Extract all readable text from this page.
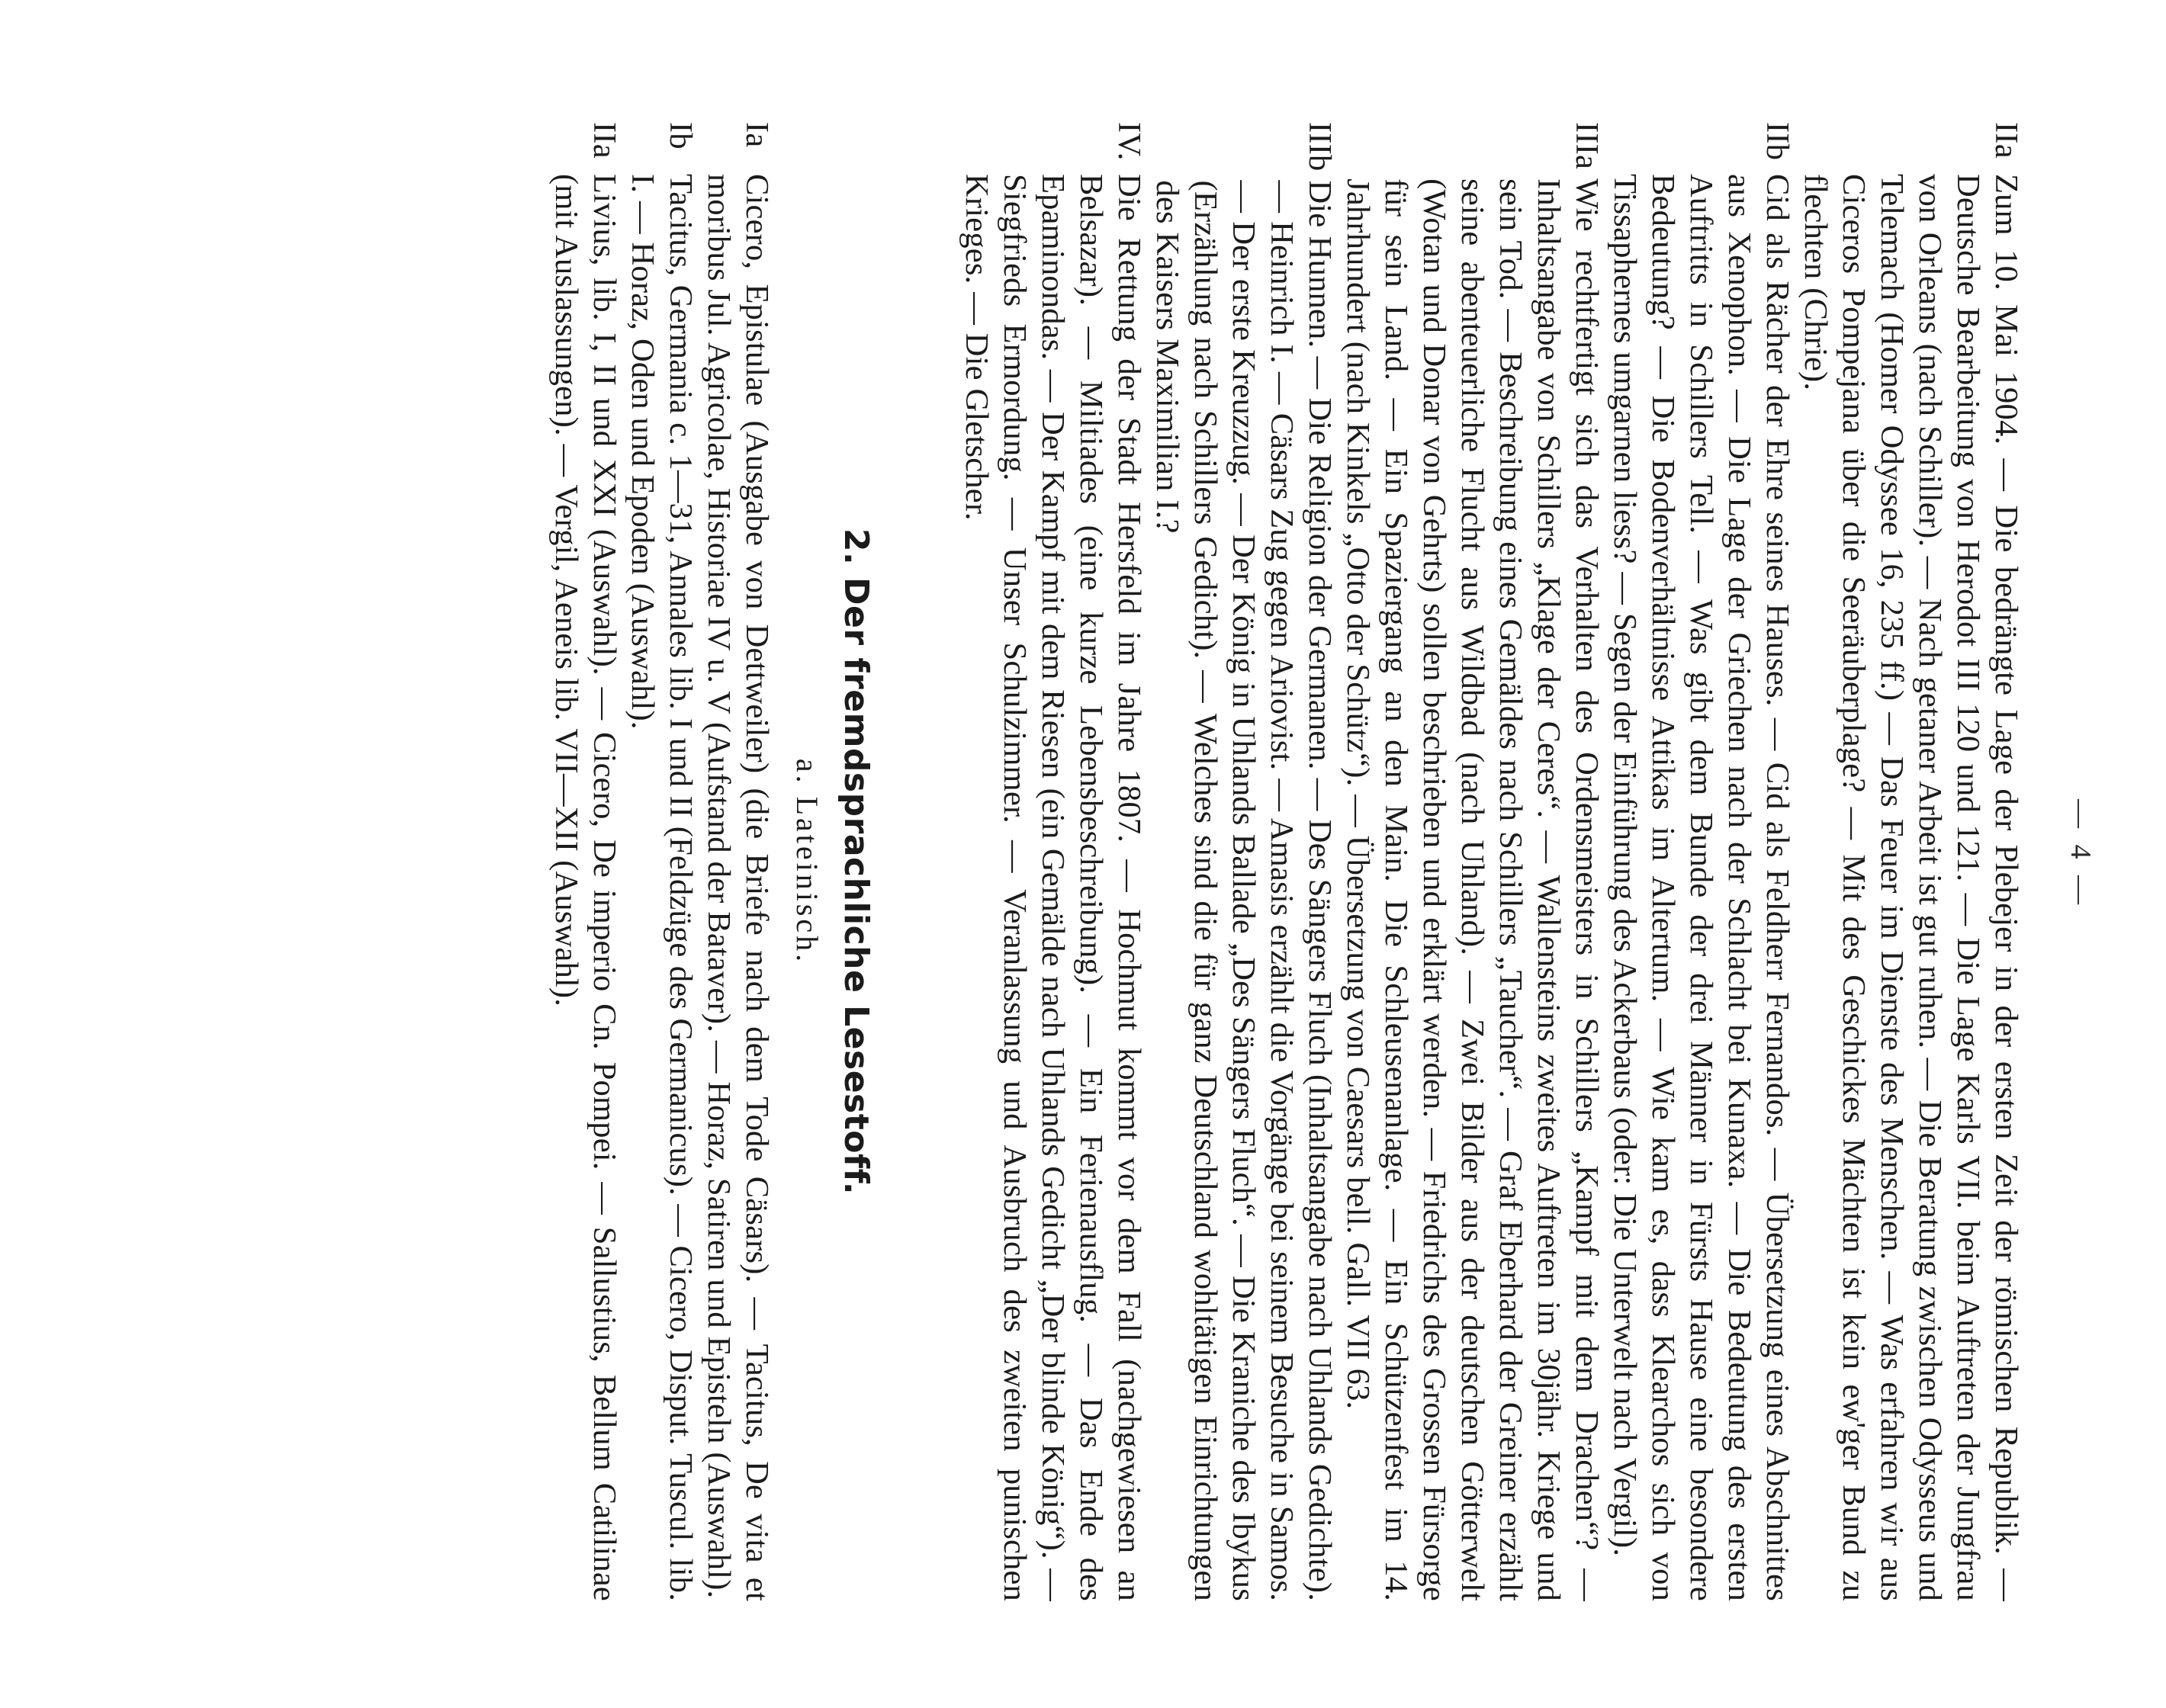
— 4 —
IIa
Zum 10. Mai 1904. — Die bedrängte Lage der Plebejer in der ersten Zeit der römischen Republik. — Deutsche Bearbeitung von Herodot III 120 und 121. — Die Lage Karls VII. beim Auftreten der Jungfrau von Orleans (nach Schiller). — Nach getaner Arbeit ist gut ruhen. — Die Beratung zwischen Odysseus und Telemach (Homer Odyssee 16, 235 ff.) — Das Feuer im Dienste des Menschen. — Was erfahren wir aus Ciceros Pompejana über die Seeräuberplage? — Mit des Geschickes Mächten ist kein ew'ger Bund zu flechten (Chrie).
IIb
Cid als Rächer der Ehre seines Hauses. — Cid als Feldherr Fernandos. — Übersetzung eines Abschnittes aus Xenophon. — Die Lage der Griechen nach der Schlacht bei Kunaxa. — Die Bedeutung des ersten Auftritts in Schillers Tell. — Was gibt dem Bunde der drei Männer in Fürsts Hause eine besondere Bedeutung? — Die Bodenverhältnisse Attikas im Altertum. — Wie kam es, dass Klearchos sich von Tissaphernes umgarnen liess? — Segen der Einführung des Ackerbaus (oder: Die Unterwelt nach Vergil).
IIIa
Wie rechtfertigt sich das Verhalten des Ordensmeisters in Schillers „Kampf mit dem Drachen“? — Inhaltsangabe von Schillers „Klage der Ceres“. — Wallensteins zweites Auftreten im 30jähr. Kriege und sein Tod. — Beschreibung eines Gemäldes nach Schillers „Taucher“. — Graf Eberhard der Greiner erzählt seine abenteuerliche Flucht aus Wildbad (nach Uhland). — Zwei Bilder aus der deutschen Götterwelt (Wotan und Donar von Gehrts) sollen beschrieben und erklärt werden. — Friedrichs des Grossen Fürsorge für sein Land. — Ein Spaziergang an den Main. Die Schleusenanlage. — Ein Schützenfest im 14. Jahrhundert (nach Kinkels „Otto der Schütz“). — Übersetzung von Caesars bell. Gall. VII 63.
IIIb
Die Hunnen. — Die Religion der Germanen. — Des Sängers Fluch (Inhaltsangabe nach Uhlands Gedichte). — Heinrich I. — Cäsars Zug gegen Ariovist. — Amasis erzählt die Vorgänge bei seinem Besuche in Samos. — Der erste Kreuzzug. — Der König in Uhlands Ballade „Des Sängers Fluch“. — Die Kraniche des Ibykus (Erzählung nach Schillers Gedicht). — Welches sind die für ganz Deutschland wohltätigen Einrichtungen des Kaisers Maximilian I.?
IV.
Die Rettung der Stadt Hersfeld im Jahre 1807. — Hochmut kommt vor dem Fall (nachgewiesen an Belsazar). — Miltiades (eine kurze Lebensbeschreibung). — Ein Ferienausflug. — Das Ende des Epaminondas. — Der Kampf mit dem Riesen (ein Gemälde nach Uhlands Gedicht „Der blinde König“). — Siegfrieds Ermordung. — Unser Schulzimmer. — Veranlassung und Ausbruch des zweiten punischen Krieges. — Die Gletscher.
2. Der fremdsprachliche Lesestoff.
a. Lateinisch.
Ia
Cicero, Epistulae (Ausgabe von Dettweiler) (die Briefe nach dem Tode Cäsars). — Tacitus, De vita et moribus Jul. Agricolae, Historiae IV u. V (Aufstand der Bataver). — Horaz, Satiren und Episteln (Auswahl).
Ib
Tacitus, Germania c. 1—31, Annales lib. I und II (Feldzüge des Germanicus). — Cicero, Disput. Tuscul. lib. I. — Horaz, Oden und Epoden (Auswahl).
IIa
Livius, lib. I, II und XXI (Auswahl). — Cicero, De imperio Cn. Pompei. — Sallustius, Bellum Catilinae (mit Auslassungen). — Vergil, Aeneis lib. VII—XII (Auswahl).
